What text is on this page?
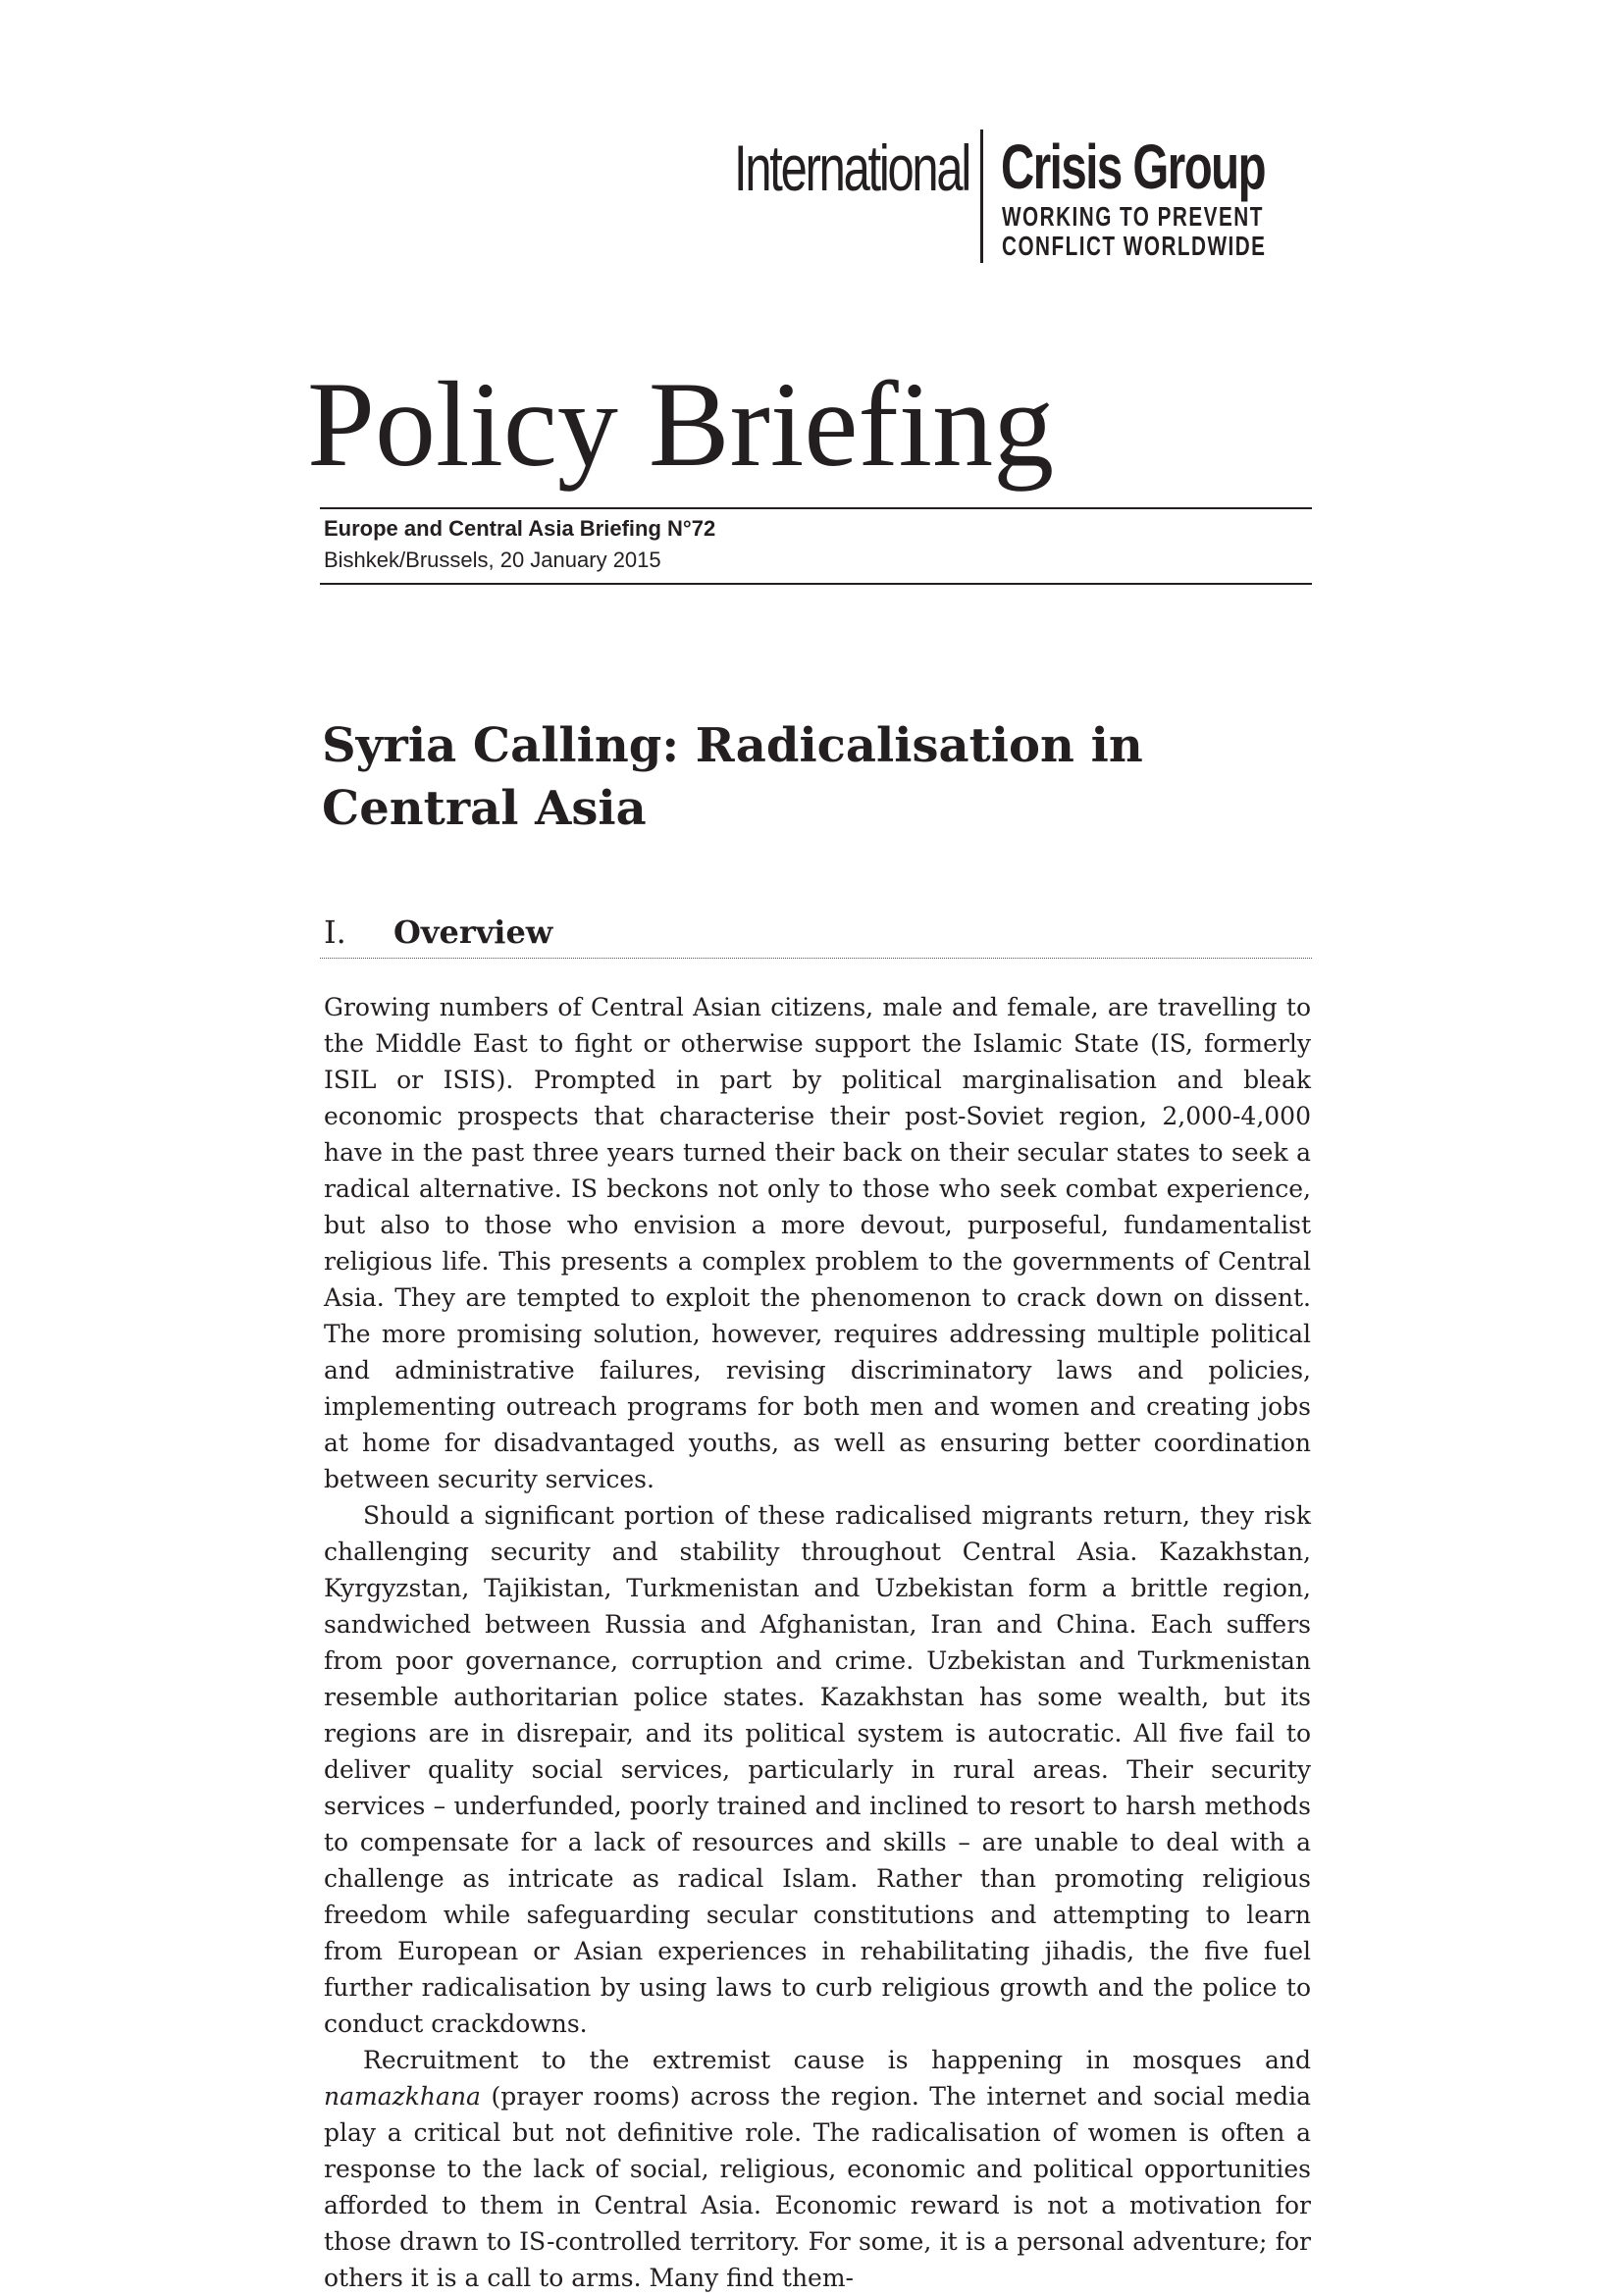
International Crisis Group
WORKING TO PREVENT
CONFLICT WORLDWIDE
Policy Briefing
Europe and Central Asia Briefing N°72
Bishkek/Brussels, 20 January 2015
Syria Calling: Radicalisation in Central Asia
I. Overview

Growing numbers of Central Asian citizens, male and female, are travelling to the Middle East to fight or otherwise support the Islamic State (IS, formerly ISIL or ISIS). Prompted in part by political marginalisation and bleak economic prospects that characterise their post-Soviet region, 2,000-4,000 have in the past three years turned their back on their secular states to seek a radical alternative. IS beckons not only to those who seek combat experience, but also to those who envision a more devout, purposeful, fundamentalist religious life. This presents a complex problem to the governments of Central Asia. They are tempted to exploit the phenomenon to crack down on dissent. The more promising solution, however, requires addressing multiple political and administrative failures, revising discriminatory laws and policies, implementing outreach programs for both men and women and creating jobs at home for disadvantaged youths, as well as ensuring better coordination between security services.

Should a significant portion of these radicalised migrants return, they risk challenging security and stability throughout Central Asia. Kazakhstan, Kyrgyzstan, Tajikistan, Turkmenistan and Uzbekistan form a brittle region, sandwiched between Russia and Afghanistan, Iran and China. Each suffers from poor governance, corruption and crime. Uzbekistan and Turkmenistan resemble authoritarian police states. Kazakhstan has some wealth, but its regions are in disrepair, and its political system is autocratic. All five fail to deliver quality social services, particularly in rural areas. Their security services – underfunded, poorly trained and inclined to resort to harsh methods to compensate for a lack of resources and skills – are unable to deal with a challenge as intricate as radical Islam. Rather than promoting religious freedom while safeguarding secular constitutions and attempting to learn from European or Asian experiences in rehabilitating jihadis, the five fuel further radicalisation by using laws to curb religious growth and the police to conduct crackdowns.

Recruitment to the extremist cause is happening in mosques and namazkhana (prayer rooms) across the region. The internet and social media play a critical but not definitive role. The radicalisation of women is often a response to the lack of social, religious, economic and political opportunities afforded to them in Central Asia. Economic reward is not a motivation for those drawn to IS-controlled territory. For some, it is a personal adventure; for others it is a call to arms. Many find them-
